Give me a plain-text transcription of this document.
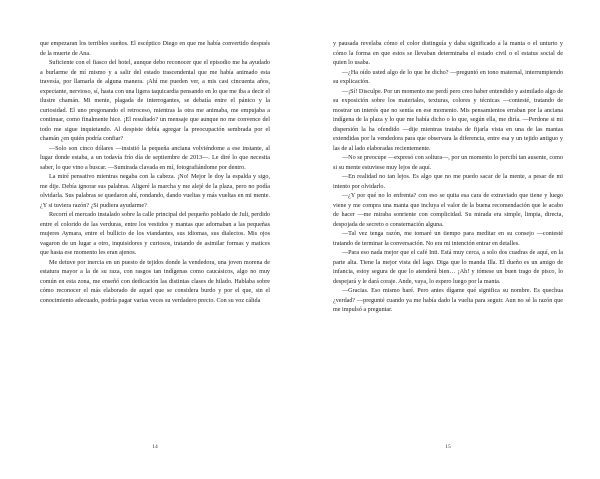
que empezaran los terribles sueños. El escéptico Diego en que me había convertido después de la muerte de Ana.

Suficiente con el fiasco del hotel, aunque debo reconocer que el episodio me ha ayudado a burlarme de mí mismo y a salir del estado trascendental que me había animado esta travesía, por llamarla de alguna manera. ¡Ahí me pueden ver, a mis casi cincuenta años, expectante, nervioso, sí, hasta con una ligera taquicardia pensando en lo que me iba a decir el ilustre chamán. Mi mente, plagada de interrogantes, se debatía entre el pánico y la curiosidad. El uno pregonando el retroceso, mientras la otra me animaba, me empujaba a continuar, como finalmente hice. ¡El resultado? un mensaje que aunque no me convence del todo me sigue inquietando. Al despiste debía agregar la preocupación sembrada por el chamán ¿en quién podría confiar?

—Solo son cinco dólares —insistió la pequeña anciana volviéndome a ese instante, al lugar donde estaba, a un todavía frío día de septiembre de 2013—. Le diré lo que necesita saber, lo que vino a buscar. —Sumirada clavada en mí, fotografiándome por dentro.

La miré pensativo mientras negaba con la cabeza. ¡No! Mejor le doy la espalda y sigo, me dije. Debía ignorar sus palabras. Aligeré la marcha y me alejé de la plaza, pero no podía olvidarla. Sus palabras se quedaron ahí, rondando, dando vueltas y más vueltas en mi mente. ¿Y si tuviera razón? ¿Si pudiera ayudarme?

Recorrí el mercado instalado sobre la calle principal del pequeño poblado de Juli, perdido entre el colorido de las verduras, entre los vestidos y mantas que adornaban a las pequeñas mujeres Aymara, entre el bullicio de los viandantes, sus idiomas, sus dialectos. Mis ojos vagaron de un lugar a otro, inquisidores y curiosos, tratando de asimilar formas y matices que hasta ese momento les eran ajenos.

Me detuve por inercia en un puesto de tejidos donde la vendedora, una joven morena de estatura mayor a la de su raza, con rasgos tan indígenas como caucásicos, algo no muy común en esta zona, me enseñó con dedicación las distintas clases de hilado. Hablaba sobre cómo reconocer el más elaborado de aquel que se considera burdo y por el que, sin el conocimiento adecuado, podría pagar varias veces su verdadero precio. Con su voz cálida

14

y pausada revelaba cómo el color distinguía y daba significado a la manta o el unturto y cómo la forma en que estos se llevaban determinaba el estado civil o el estatus social de quien lo usaba.

—¿Ha oído usted algo de lo que he dicho? —preguntó en tono maternal, interrumpiendo su explicación.

—¡Sí! Disculpe. Por un momento me perdí pero creo haber entendido y asimilado algo de su exposición sobre los materiales, texturas, colores y técnicas —contesté, tratando de mostrar un interés que no sentía en ese momento. Mis pensamientos erraban por la anciana indígena de la plaza y lo que me había dicho o lo que, según ella, me diría. —Perdone si mi dispersión la ha ofendido —dije mientras trataba de fijarla vista en una de las mantas extendidas por la vendedora para que observara la diferencia, entre esa y un tejido antiguo y las de al lado elaboradas recientemente.

—No se preocupe —expresó con soltura—, por un momento lo percibí tan ausente, como si su mente estuviese muy lejos de aquí.

—En realidad no tan lejos. Es algo que no me puedo sacar de la mente, a pesar de mi intento por olvidarlo.

—¿Y por qué no lo enfrenta? con eso se quita esa cara de extraviado que tiene y luego viene y me compra una manta que incluya el valor de la buena recomendación que le acabo de hacer —me miraba sonriente con complicidad. Su mirada era simple, limpia, directa, despojada de secreto o consternación alguna.

—Tal vez tenga razón, me tomaré un tiempo para meditar en su consejo —contesté tratando de terminar la conversación. No era mi intención entrar en detalles.

—Para eso nada mejor que el café Inti. Está muy cerca, a solo dos cuadras de aquí, en la parte alta. Tiene la mejor vista del lago. Diga que lo manda Illa. El dueño es un amigo de infancia, estoy segura de que lo atenderá bien… ¡Ah! y tómese un buen trago de pisco, lo despejará y le dará coraje. Ande, vaya, lo espero luego por la manta.

—Gracias. Eso mismo haré. Pero antes dígame qué significa su nombre. Es quechua ¿verdad? —pregunté cuando ya me había dado la vuelta para seguir. Aun no sé la razón que me impulsó a preguntar.

15
